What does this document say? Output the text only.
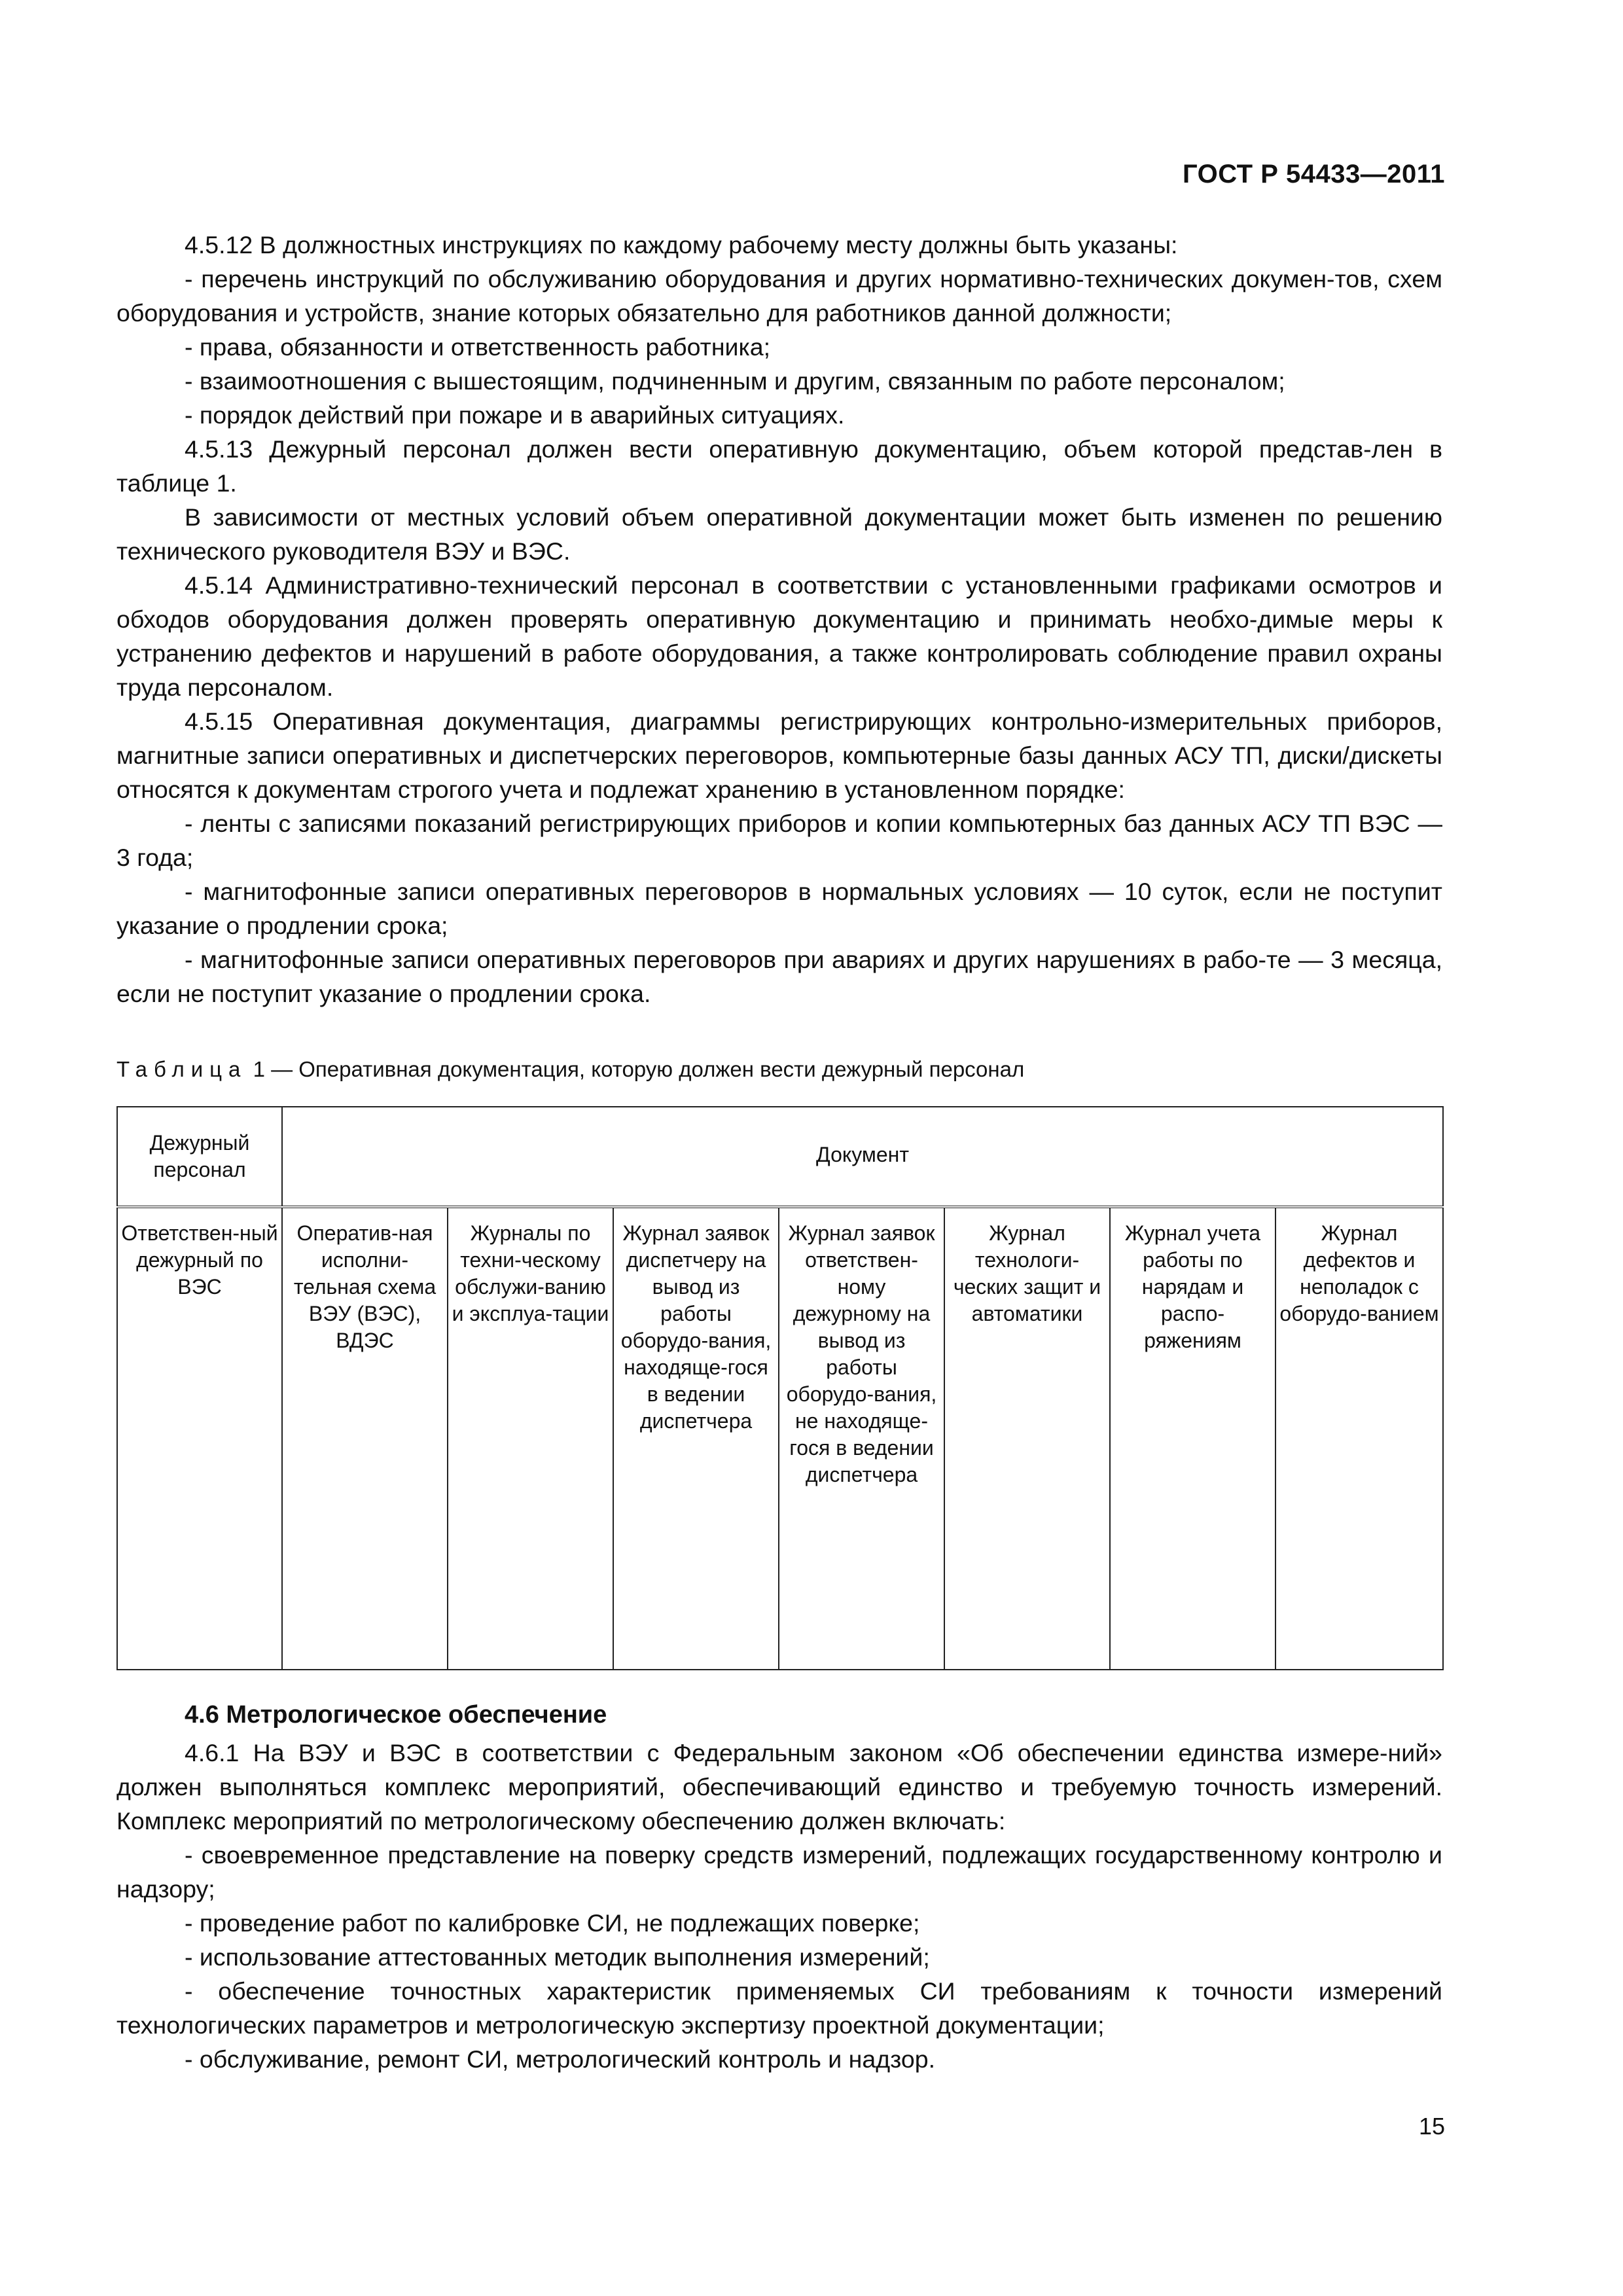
ГОСТ Р 54433—2011

4.5.12 В должностных инструкциях по каждому рабочему месту должны быть указаны:

- перечень инструкций по обслуживанию оборудования и других нормативно-технических докумен-тов, схем оборудования и устройств, знание которых обязательно для работников данной должности;

- права, обязанности и ответственность работника;

- взаимоотношения с вышестоящим, подчиненным и другим, связанным по работе персоналом;

- порядок действий при пожаре и в аварийных ситуациях.

4.5.13 Дежурный персонал должен вести оперативную документацию, объем которой представ-лен в таблице 1.

В зависимости от местных условий объем оперативной документации может быть изменен по решению технического руководителя ВЭУ и ВЭС.

4.5.14 Административно-технический персонал в соответствии с установленными графиками осмотров и обходов оборудования должен проверять оперативную документацию и принимать необхо-димые меры к устранению дефектов и нарушений в работе оборудования, а также контролировать соблюдение правил охраны труда персоналом.

4.5.15 Оперативная документация, диаграммы регистрирующих контрольно-измерительных приборов, магнитные записи оперативных и диспетчерских переговоров, компьютерные базы данных АСУ ТП, диски/дискеты относятся к документам строгого учета и подлежат хранению в установленном порядке:

- ленты с записями показаний регистрирующих приборов и копии компьютерных баз данных АСУ ТП ВЭС — 3 года;

- магнитофонные записи оперативных переговоров в нормальных условиях — 10 суток, если не поступит указание о продлении срока;

- магнитофонные записи оперативных переговоров при авариях и других нарушениях в рабо-те — 3 месяца, если не поступит указание о продлении срока.

Таблица 1 — Оперативная документация, которую должен вести дежурный персонал
Дежурный персонал	Документ						
Ответствен-ный дежурный по ВЭС	Оператив-ная исполни-тельная схема ВЭУ (ВЭС), ВДЭС	Журналы по техни-ческому обслужи-ванию и эксплуа-тации	Журнал заявок диспетчеру на вывод из работы оборудо-вания, находяще-гося в ведении диспетчера	Журнал заявок ответствен-ному дежурному на вывод из работы оборудо-вания, не находяще-гося в ведении диспетчера	Журнал технологи-ческих защит и автоматики	Журнал учета работы по нарядам и распо-ряжениям	Журнал дефектов и неполадок с оборудо-ванием
4.6 Метрологическое обеспечение

4.6.1 На ВЭУ и ВЭС в соответствии с Федеральным законом «Об обеспечении единства измере-ний» должен выполняться комплекс мероприятий, обеспечивающий единство и требуемую точность измерений. Комплекс мероприятий по метрологическому обеспечению должен включать:

- своевременное представление на поверку средств измерений, подлежащих государственному контролю и надзору;

- проведение работ по калибровке СИ, не подлежащих поверке;

- использование аттестованных методик выполнения измерений;

- обеспечение точностных характеристик применяемых СИ требованиям к точности измерений технологических параметров и метрологическую экспертизу проектной документации;

- обслуживание, ремонт СИ, метрологический контроль и надзор.

15
